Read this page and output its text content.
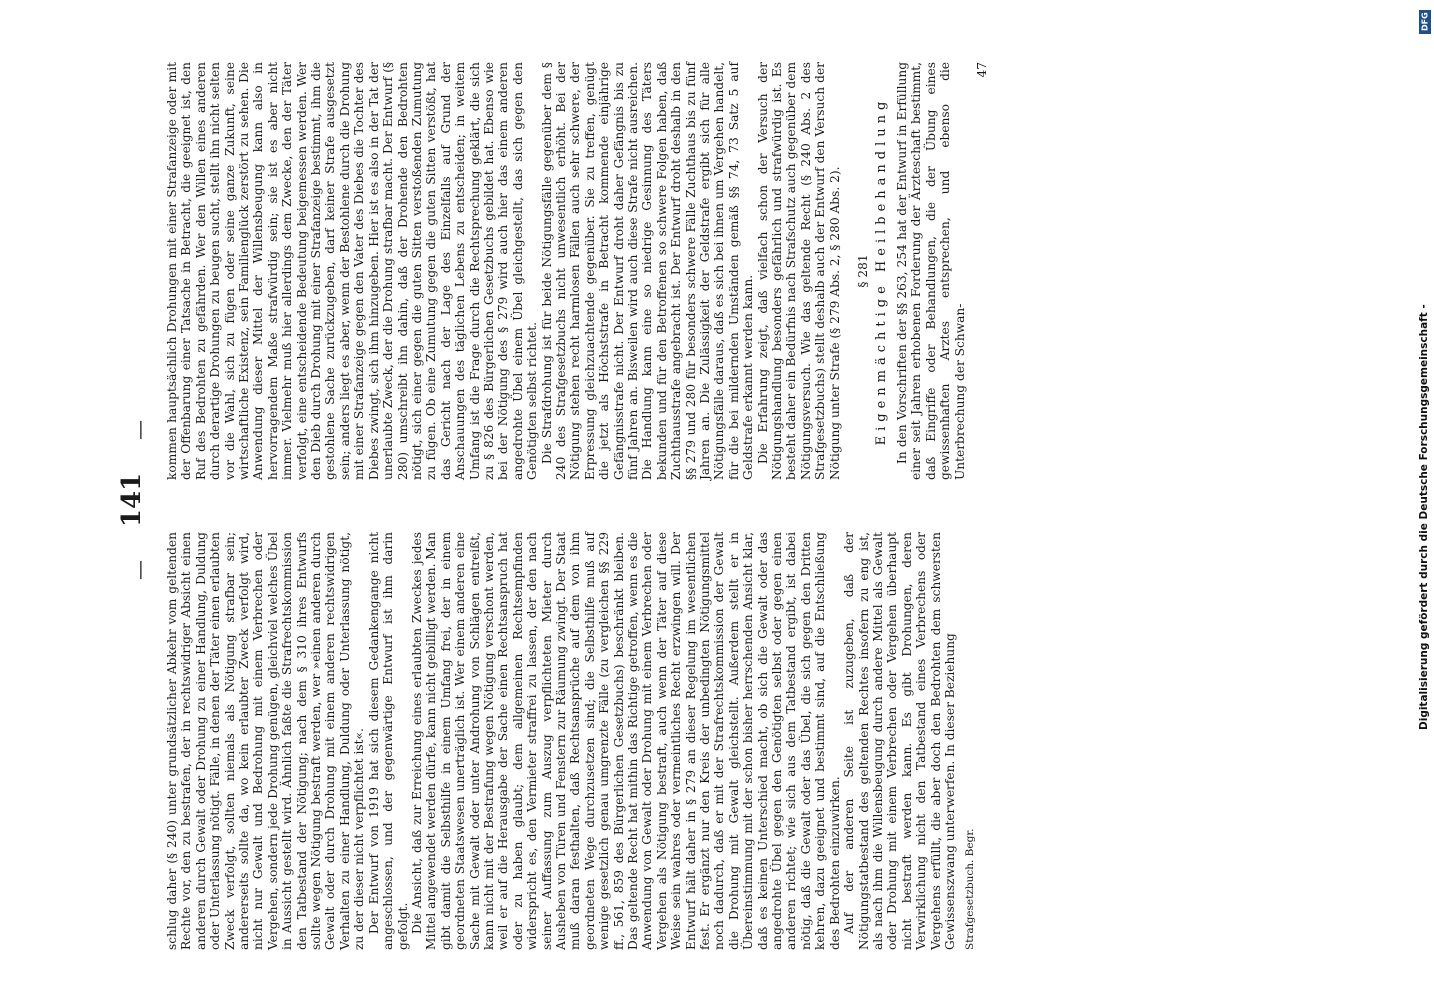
—
141
—

schlug daher (§ 240) unter grundsätzlicher Abkehr vom geltenden Rechte vor, den zu bestrafen, der in rechtswidriger Absicht einen anderen durch Gewalt oder Drohung zu einer Handlung, Duldung oder Unterlassung nötigt. Fälle, in denen der Täter einen erlaubten Zweck verfolgt, sollten niemals als Nötigung strafbar sein; andererseits sollte da, wo kein erlaubter Zweck verfolgt wird, nicht nur Gewalt und Bedrohung mit einem Verbrechen oder Vergehen, sondern jede Drohung genügen, gleichviel welches Übel in Aussicht gestellt wird. Ähnlich faßte die Strafrechtskommission den Tatbestand der Nötigung; nach dem § 310 ihres Entwurfs sollte wegen Nötigung bestraft werden, wer »einen anderen durch Gewalt oder durch Drohung mit einem anderen rechtswidrigen Verhalten zu einer Handlung, Duldung oder Unterlassung nötigt, zu der dieser nicht verpflichtet ist«. Der Entwurf von 1919 hat sich diesem Gedankengange nicht angeschlossen, und der gegenwärtige Entwurf ist ihm darin gefolgt. Die Ansicht, daß zur Erreichung eines erlaubten Zweckes jedes Mittel angewendet werden dürfe, kann nicht gebilligt werden. Man gibt damit die Selbsthilfe in einem Umfang frei, der in einem geordneten Staatswesen unerträglich ist. Wer einem anderen eine Sache mit Gewalt oder unter Androhung von Schlägen entreißt, kann nicht mit der Bestrafung wegen Nötigung verschont werden, weil er auf die Herausgabe der Sache einen Rechtsanspruch hat oder zu haben glaubt; dem allgemeinen Rechtsempfinden widerspricht es, den Vermieter straffrei zu lassen, der den nach seiner Auffassung zum Auszug verpflichteten Mieter durch Ausheben von Türen und Fenstern zur Räumung zwingt. Der Staat muß daran festhalten, daß Rechtsansprüche auf dem von ihm geordneten Wege durchzusetzen sind; die Selbsthilfe muß auf wenige gesetzlich genau umgrenzte Fälle (zu vergleichen §§ 229 ff., 561, 859 des Bürgerlichen Gesetzbuchs) beschränkt bleiben. Das geltende Recht hat mithin das Richtige getroffen, wenn es die Anwendung von Gewalt oder Drohung mit einem Verbrechen oder Vergehen als Nötigung bestraft, auch wenn der Täter auf diese Weise sein wahres oder vermeintliches Recht erzwingen will. Der Entwurf hält daher in § 279 an dieser Regelung im wesentlichen fest. Er ergänzt nur den Kreis der unbedingten Nötigungsmittel noch dadurch, daß er mit der Strafrechtskommission der Gewalt die Drohung mit Gewalt gleichstellt. Außerdem stellt er in Übereinstimmung mit der schon bisher herrschenden Ansicht klar, daß es keinen Unterschied macht, ob sich die Gewalt oder das angedrohte Übel gegen den Genötigten selbst oder gegen einen anderen richtet; wie sich aus dem Tatbestand ergibt, ist dabei nötig, daß die Gewalt oder das Übel, die sich gegen den Dritten kehren, dazu geeignet und bestimmt sind, auf die Entschließung des Bedrohten einzuwirken. Auf der anderen Seite ist zuzugeben, daß der Nötigungstatbestand des geltenden Rechtes insofern zu eng ist, als nach ihm die Willensbeugung durch andere Mittel als Gewalt oder Drohung mit einem Verbrechen oder Vergehen überhaupt nicht bestraft werden kann. Es gibt Drohungen, deren Verwirklichung nicht den Tatbestand eines Verbrechens oder Vergehens erfüllt, die aber doch den Bedrohten dem schwersten Gewissenszwang unterwerfen. In dieser Beziehung Strafgesetzbuch. Begr.

kommen hauptsächlich Drohungen mit einer Strafanzeige oder mit der Offenbarung einer Tatsache in Betracht, die geeignet ist, den Ruf des Bedrohten zu gefährden. Wer den Willen eines anderen durch derartige Drohungen zu beugen sucht, stellt ihn nicht selten vor die Wahl, sich zu fügen oder seine ganze Zukunft, seine wirtschaftliche Existenz, sein Familienglück zerstört zu sehen. Die Anwendung dieser Mittel der Willensbeugung kann also in hervorragendem Maße strafwürdig sein; sie ist es aber nicht immer. Vielmehr muß hier allerdings dem Zwecke, den der Täter verfolgt, eine entscheidende Bedeutung beigemessen werden. Wer den Dieb durch Drohung mit einer Strafanzeige bestimmt, ihm die gestohlene Sache zurückzugeben, darf keiner Strafe ausgesetzt sein; anders liegt es aber, wenn der Bestohlene durch die Drohung mit einer Strafanzeige gegen den Vater des Diebes die Tochter des Diebes zwingt, sich ihm hinzugeben. Hier ist es also in der Tat der unerlaubte Zweck, der die Drohung strafbar macht. Der Entwurf (§ 280) umschreibt ihn dahin, daß der Drohende den Bedrohten nötigt, sich einer gegen die guten Sitten verstoßenden Zumutung zu fügen. Ob eine Zumutung gegen die guten Sitten verstößt, hat das Gericht nach der Lage des Einzelfalls auf Grund der Anschauungen des täglichen Lebens zu entscheiden; in weitem Umfang ist die Frage durch die Rechtsprechung geklärt, die sich zu § 826 des Bürgerlichen Gesetzbuchs gebildet hat. Ebenso wie bei der Nötigung des § 279 wird auch hier das einem anderen angedrohte Übel einem Übel gleichgestellt, das sich gegen den Genötigten selbst richtet. Die Strafdrohung ist für beide Nötigungsfälle gegenüber dem § 240 des Strafgesetzbuchs nicht unwesentlich erhöht. Bei der Nötigung stehen recht harmlosen Fällen auch sehr schwere, der Erpressung gleichzuachtende gegenüber. Sie zu treffen, genügt die jetzt als Höchststrafe in Betracht kommende einjährige Gefängnisstrafe nicht. Der Entwurf droht daher Gefängnis bis zu fünf Jahren an. Bisweilen wird auch diese Strafe nicht ausreichen. Die Handlung kann eine so niedrige Gesinnung des Täters bekunden und für den Betroffenen so schwere Folgen haben, daß Zuchthausstrafe angebracht ist. Der Entwurf droht deshalb in den §§ 279 und 280 für besonders schwere Fälle Zuchthaus bis zu fünf Jahren an. Die Zulässigkeit der Geldstrafe ergibt sich für alle Nötigungsfälle daraus, daß es sich bei ihnen um Vergehen handelt, für die bei mildernden Umständen gemäß §§ 74, 73 Satz 5 auf Geldstrafe erkannt werden kann. Die Erfahrung zeigt, daß vielfach schon der Versuch der Nötigungshandlung besonders gefährlich und strafwürdig ist. Es besteht daher ein Bedürfnis nach Strafschutz auch gegenüber dem Nötigungsversuch. Wie das geltende Recht (§ 240 Abs. 2 des Strafgesetzbuchs) stellt deshalb auch der Entwurf den Versuch der Nötigung unter Strafe (§ 279 Abs. 2, § 280 Abs. 2). § 281 Eigenmächtige Heilbehandlung In den Vorschriften der §§ 263, 254 hat der Entwurf in Erfüllung einer seit Jahren erhobenen Forderung der Ärzteschaft bestimmt, daß Eingriffe oder Behandlungen, die der Übung eines gewissenhaften Arztes entsprechen, und ebenso die Unterbrechung der Schwan-

47

DFG
Digitalisierung gefördert durch die Deutsche Forschungsgemeinschaft -
